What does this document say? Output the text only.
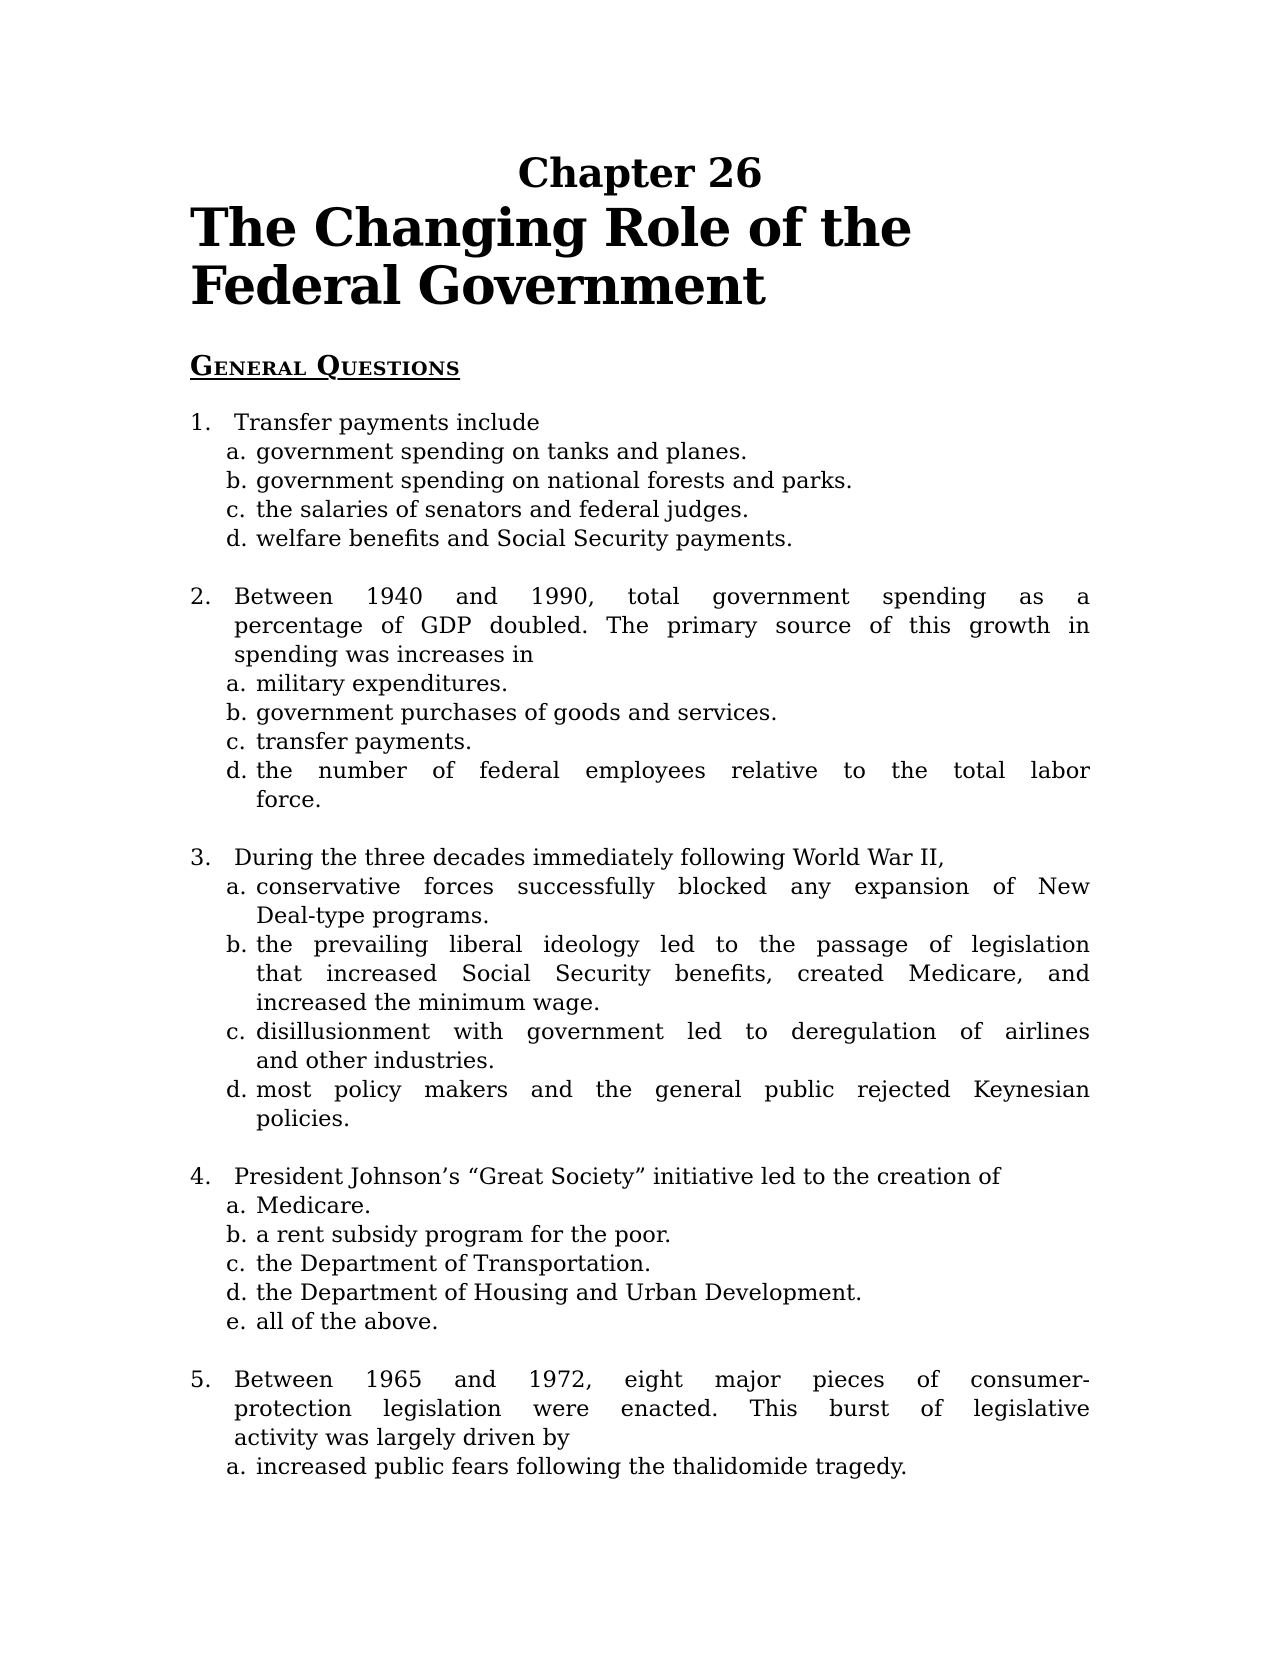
Chapter 26
The Changing Role of the
Federal Government
General Questions
1.	Transfer payments include
a. government spending on tanks and planes.
b. government spending on national forests and parks.
c. the salaries of senators and federal judges.
d. welfare benefits and Social Security payments.
2.	Between 1940 and 1990, total government spending as a
percentage of GDP doubled. The primary source of this growth in
spending was increases in
a. military expenditures.
b. government purchases of goods and services.
c. transfer payments.
d. the number of federal employees relative to the total labor
force.
3.	During the three decades immediately following World War II,
a. conservative forces successfully blocked any expansion of New
Deal-type programs.
b. the prevailing liberal ideology led to the passage of legislation
that increased Social Security benefits, created Medicare, and
increased the minimum wage.
c. disillusionment with government led to deregulation of airlines
and other industries.
d. most policy makers and the general public rejected Keynesian
policies.
4.	President Johnson’s “Great Society” initiative led to the creation of
a. Medicare.
b. a rent subsidy program for the poor.
c. the Department of Transportation.
d. the Department of Housing and Urban Development.
e. all of the above.
5.	Between 1965 and 1972, eight major pieces of consumer-
protection legislation were enacted. This burst of legislative
activity was largely driven by
a. increased public fears following the thalidomide tragedy.
